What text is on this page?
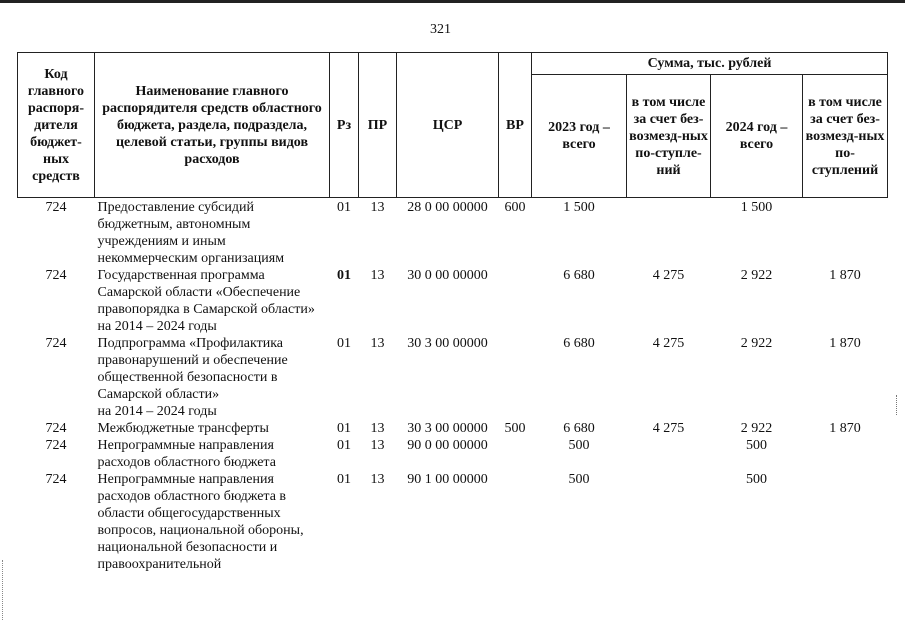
321
Код главного распоря-дителя бюджет-ных средств	Наименование главного распорядителя средств областного бюджета, раздела, подраздела, целевой статьи, группы видов расходов	Рз	ПР	ЦСР	ВР	Сумма, тыс. рублей			
						2023 год – всего	в том числе за счет без-возмезд-ных по-ступле-ний	2024 год – всего	в том числе за счет без-возмезд-ных по-ступлений
724	Предоставление субсидий бюджетным, автономным учреждениям и иным некоммерческим организациям	01	13	28 0 00 00000	600	1 500		1 500	
724	Государственная программа Самарской области «Обеспечение правопорядка в Самарской области» на 2014 – 2024 годы	01	13	30 0 00 00000		6 680	4 275	2 922	1 870
724	Подпрограмма «Профилактика правонарушений и обеспечение общественной безопасности в Самарской области»
на 2014 – 2024 годы	01	13	30 3 00 00000		6 680	4 275	2 922	1 870
724	Межбюджетные трансферты	01	13	30 3 00 00000	500	6 680	4 275	2 922	1 870
724	Непрограммные направления расходов областного бюджета	01	13	90 0 00 00000		500		500	
724	Непрограммные направления расходов областного бюджета в области общегосударственных вопросов, национальной обороны, национальной безопасности и правоохранительной	01	13	90 1 00 00000		500		500	
